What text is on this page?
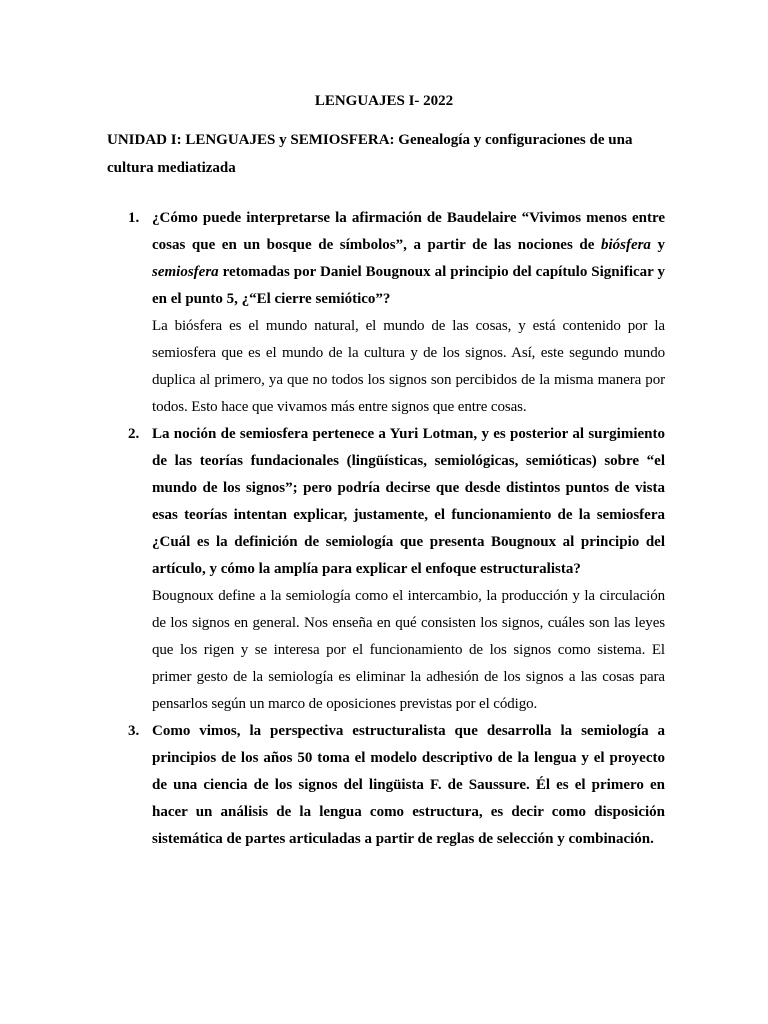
LENGUAJES I- 2022
UNIDAD I: LENGUAJES y SEMIOSFERA: Genealogía y configuraciones de una cultura mediatizada
1. ¿Cómo puede interpretarse la afirmación de Baudelaire “Vivimos menos entre cosas que en un bosque de símbolos”, a partir de las nociones de biósfera y semiosfera retomadas por Daniel Bougnoux al principio del capítulo Significar y en el punto 5, ¿“El cierre semiótico”?

La biósfera es el mundo natural, el mundo de las cosas, y está contenido por la semiosfera que es el mundo de la cultura y de los signos. Así, este segundo mundo duplica al primero, ya que no todos los signos son percibidos de la misma manera por todos. Esto hace que vivamos más entre signos que entre cosas.

2. La noción de semiosfera pertenece a Yuri Lotman, y es posterior al surgimiento de las teorías fundacionales (lingüísticas, semiológicas, semióticas) sobre “el mundo de los signos”; pero podría decirse que desde distintos puntos de vista esas teorías intentan explicar, justamente, el funcionamiento de la semiosfera ¿Cuál es la definición de semiología que presenta Bougnoux al principio del artículo, y cómo la amplía para explicar el enfoque estructuralista?

Bougnoux define a la semiología como el intercambio, la producción y la circulación de los signos en general. Nos enseña en qué consisten los signos, cuáles son las leyes que los rigen y se interesa por el funcionamiento de los signos como sistema. El primer gesto de la semiología es eliminar la adhesión de los signos a las cosas para pensarlos según un marco de oposiciones previstas por el código.

3. Como vimos, la perspectiva estructuralista que desarrolla la semiología a principios de los años 50 toma el modelo descriptivo de la lengua y el proyecto de una ciencia de los signos del lingüista F. de Saussure. Él es el primero en hacer un análisis de la lengua como estructura, es decir como disposición sistemática de partes articuladas a partir de reglas de selección y combinación.
